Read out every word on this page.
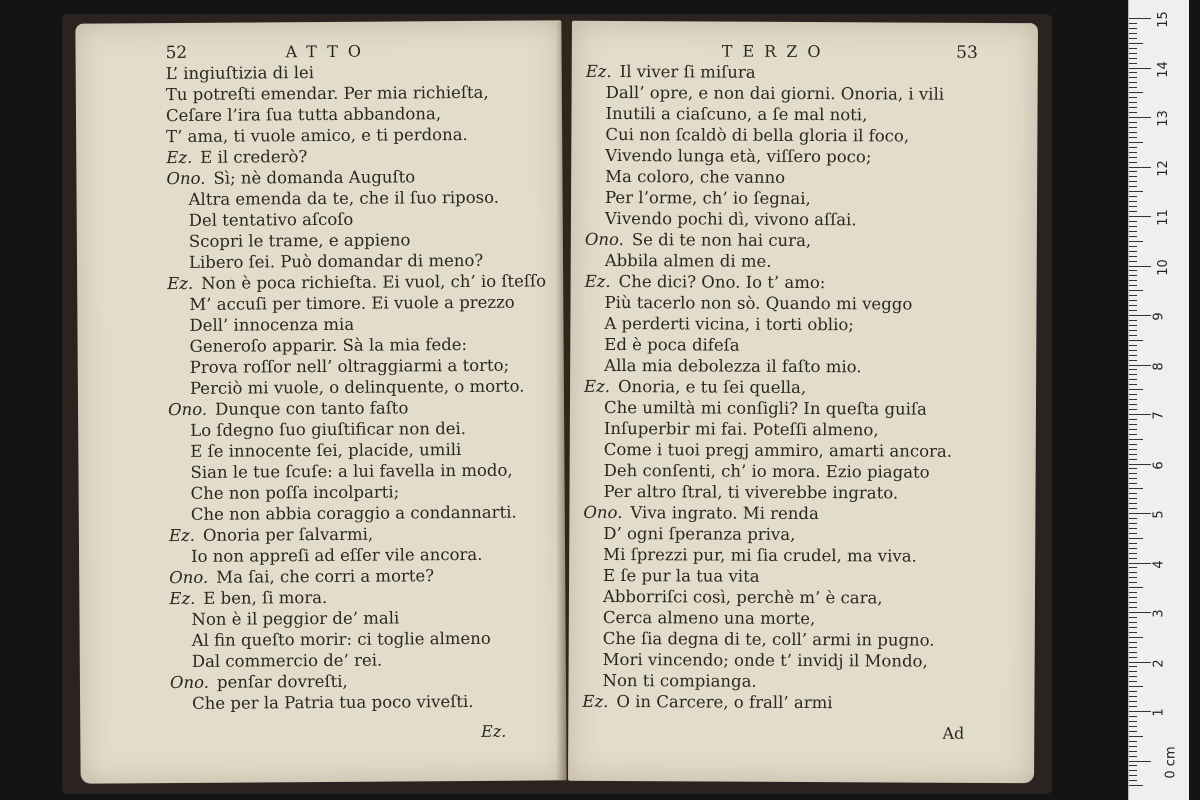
52	ATTO
L’ ingiuſtizia di lei
Tu potreſti emendar. Per mia richieſta,
Ceſare l’ira ſua tutta abbandona,
T’ ama, ti vuole amico, e ti perdona.
Ez. E il crederò?
Ono. Sì; nè domanda Auguſto
Altra emenda da te, che il ſuo riposo.
Del tentativo aſcoſo
Scopri le trame, e appieno
Libero ſei. Può domandar di meno?
Ez. Non è poca richieſta. Ei vuol, ch’ io ſteſſo
M’ accuſi per timore. Ei vuole a prezzo
Dell’ innocenza mia
Generoſo apparir. Sà la mia fede:
Prova roſſor nell’ oltraggiarmi a torto;
Perciò mi vuole, o delinquente, o morto.
Ono. Dunque con tanto faſto
Lo ſdegno ſuo giuſtificar non dei.
E ſe innocente ſei, placide, umili
Sian le tue ſcuſe: a lui favella in modo,
Che non poſſa incolparti;
Che non abbia coraggio a condannarti.
Ez. Onoria per ſalvarmi,
Io non appreſi ad eſſer vile ancora.
Ono. Ma ſai, che corri a morte?
Ez. E ben, ſi mora.
Non è il peggior de’ mali
Al fin queſto morir: ci toglie almeno
Dal commercio de’ rei.
Ono. penſar dovreſti,
Che per la Patria tua poco viveſti.
Ez.
TERZO	53
Ez. Il viver ſi miſura
Dall’ opre, e non dai giorni. Onoria, i vili
Inutili a ciaſcuno, a ſe mal noti,
Cui non ſcaldò di bella gloria il foco,
Vivendo lunga età, viſſero poco;
Ma coloro, che vanno
Per l’orme, ch’ io ſegnai,
Vivendo pochi dì, vivono aſſai.
Ono. Se di te non hai cura,
Abbila almen di me.
Ez. Che dici? Ono. Io t’ amo:
Più tacerlo non sò. Quando mi veggo
A perderti vicina, i torti oblio;
Ed è poca difeſa
Alla mia debolezza il faſto mio.
Ez. Onoria, e tu ſei quella,
Che umiltà mi conſigli? In queſta guiſa
Inſuperbir mi fai. Poteſſi almeno,
Come i tuoi pregj ammiro, amarti ancora.
Deh conſenti, ch’ io mora. Ezio piagato
Per altro ſtral, ti viverebbe ingrato.
Ono. Viva ingrato. Mi renda
D’ ogni ſperanza priva,
Mi ſprezzi pur, mi ſia crudel, ma viva.
E ſe pur la tua vita
Abborriſci così, perchè m’ è cara,
Cerca almeno una morte,
Che ſia degna di te, coll’ armi in pugno.
Mori vincendo; onde t’ invidj il Mondo,
Non ti compianga.
Ez. O in Carcere, o frall’ armi
Ad
15
14
13
12
11
10
9
8
7
6
5
4
3
2
1
0 cm
